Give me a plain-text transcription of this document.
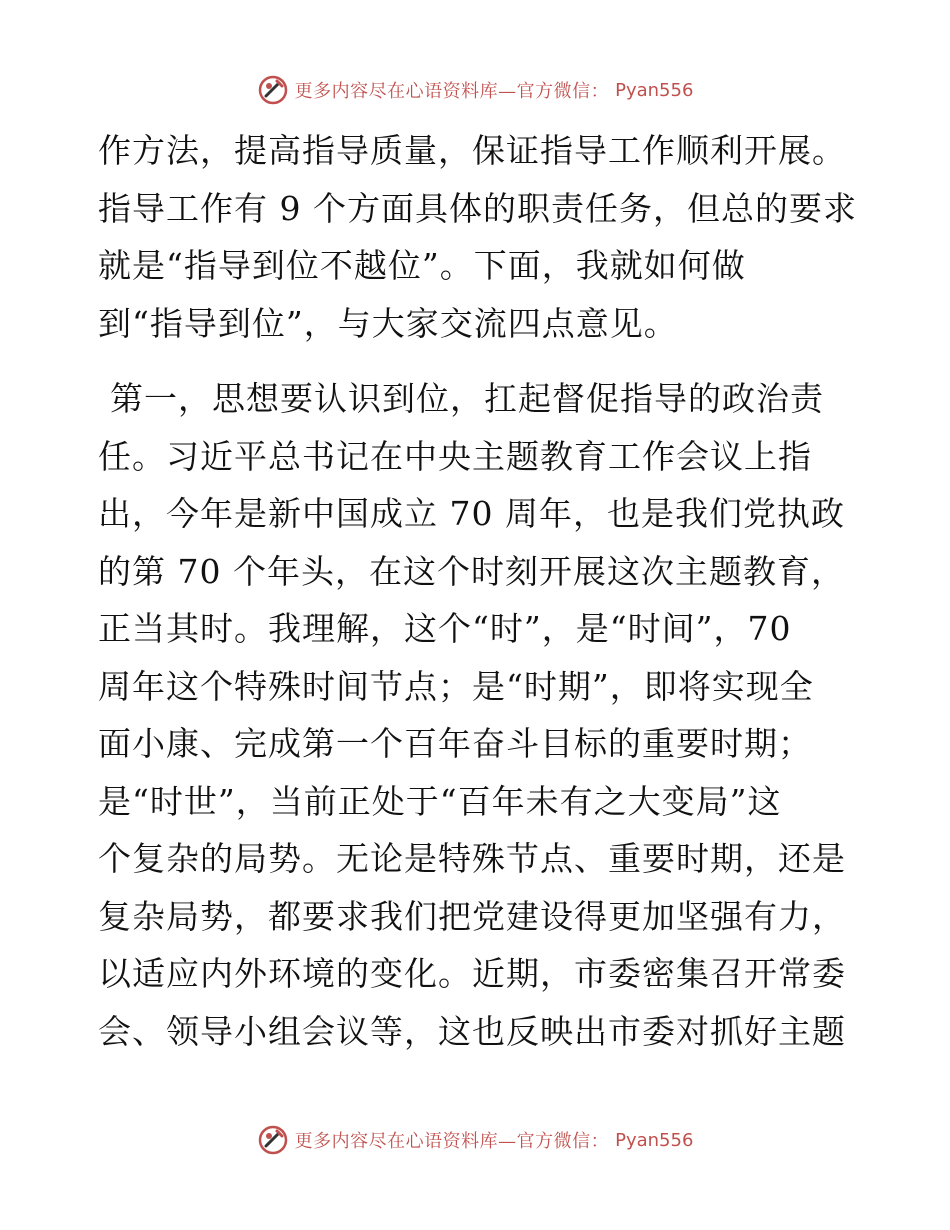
更多内容尽在心语资料库—官方微信： Pyan556
作方法，提高指导质量，保证指导工作顺利开展。
指导工作有 9 个方面具体的职责任务，但总的要求
就是“指导到位不越位”。下面，我就如何做
到“指导到位”，与大家交流四点意见。
第一，思想要认识到位，扛起督促指导的政治责
任。习近平总书记在中央主题教育工作会议上指
出，今年是新中国成立 70 周年，也是我们党执政
的第 70 个年头，在这个时刻开展这次主题教育，
正当其时。我理解，这个“时”，是“时间”，70
周年这个特殊时间节点；是“时期”，即将实现全
面小康、完成第一个百年奋斗目标的重要时期；
是“时世”，当前正处于“百年未有之大变局”这
个复杂的局势。无论是特殊节点、重要时期，还是
复杂局势，都要求我们把党建设得更加坚强有力，
以适应内外环境的变化。近期，市委密集召开常委
会、领导小组会议等，这也反映出市委对抓好主题
更多内容尽在心语资料库—官方微信： Pyan556
